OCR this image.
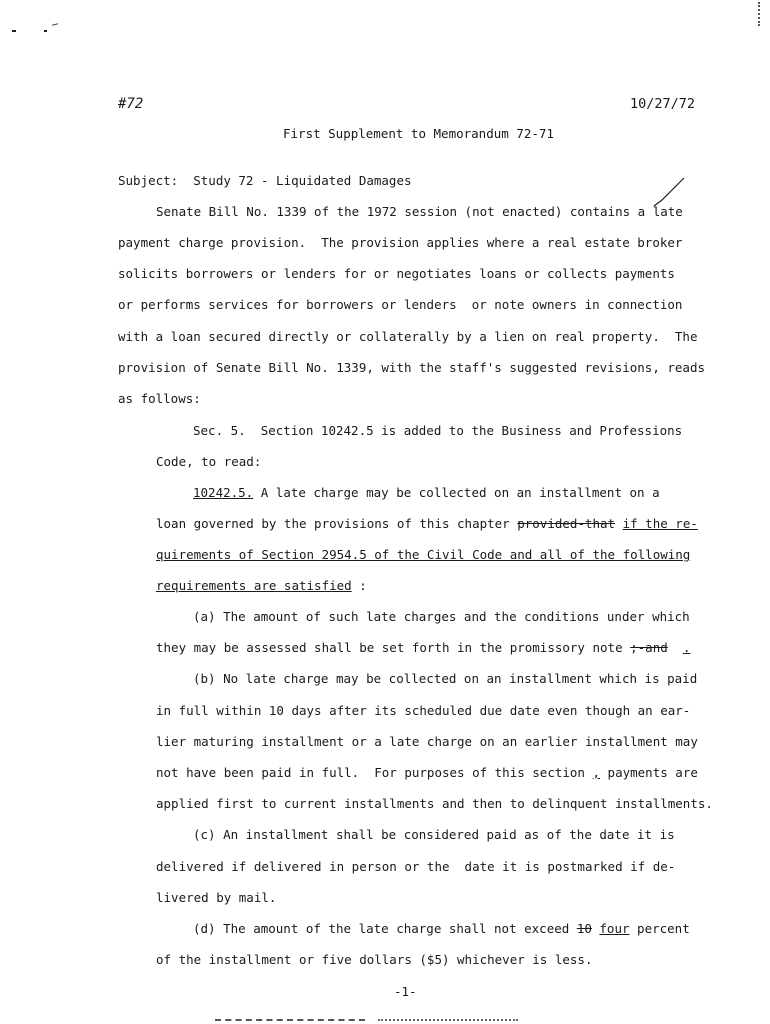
#72	10/27/72
First Supplement to Memorandum 72-71
Subject:  Study 72 - Liquidated Damages
Senate Bill No. 1339 of the 1972 session (not enacted) contains a late
payment charge provision.  The provision applies where a real estate broker
solicits borrowers or lenders for or negotiates loans or collects payments
or performs services for borrowers or lenders  or note owners in connection
with a loan secured directly or collaterally by a lien on real property.  The
provision of Senate Bill No. 1339, with the staff's suggested revisions, reads
as follows:
Sec. 5.  Section 10242.5 is added to the Business and Professions
Code, to read:
10242.5. A late charge may be collected on an installment on a
loan governed by the provisions of this chapter provided-that if the re-
quirements of Section 2954.5 of the Civil Code and all of the following
requirements are satisfied :
(a) The amount of such late charges and the conditions under which
they may be assessed shall be set forth in the promissory note ;-and .
(b) No late charge may be collected on an installment which is paid
in full within 10 days after its scheduled due date even though an ear-
lier maturing installment or a late charge on an earlier installment may
not have been paid in full.  For purposes of this section , payments are
applied first to current installments and then to delinquent installments.
(c) An installment shall be considered paid as of the date it is
delivered if delivered in person or the  date it is postmarked if de-
livered by mail.
(d) The amount of the late charge shall not exceed 10 four percent
of the installment or five dollars ($5) whichever is less.
-1-
